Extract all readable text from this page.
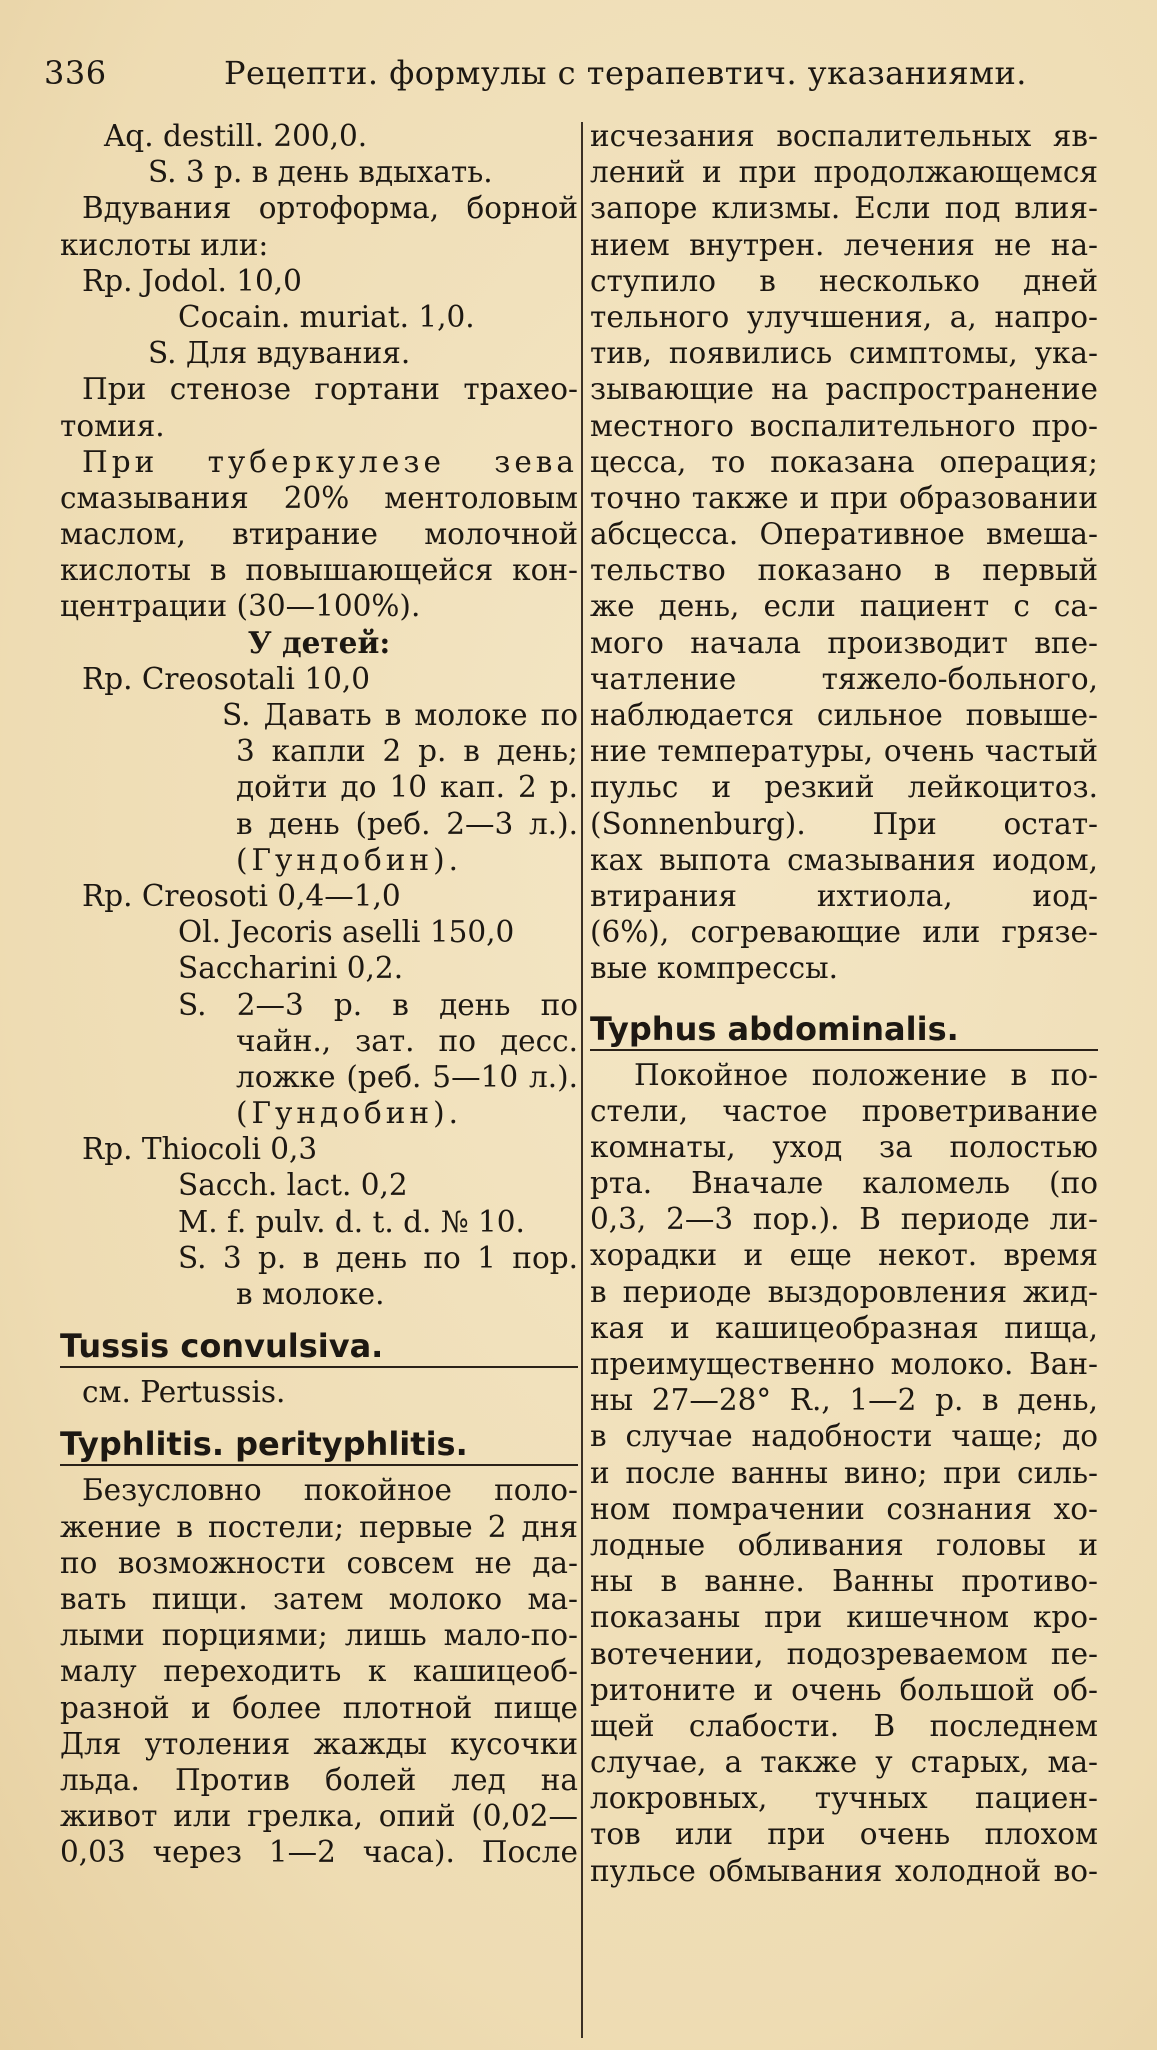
336	Рецепти. формулы с терапевтич. указаниями.
Aq. destill. 200,0.
S. 3 р. в день вдыхать.
Вдувания ортоформа, борной
кислоты или:
Rp. Jodol. 10,0
Cocain. muriat. 1,0.
S. Для вдувания.
При стенозе гортани трахео-
томия.
При туберкулезе зева
смазывания 20% ментоловым
маслом, втирание молочной
кислоты в повышающейся кон-
центрации (30—100%).
У детей:
Rp. Creosotali 10,0
S. Давать в молоке по
3 капли 2 р. в день;
дойти до 10 кап. 2 р.
в день (реб. 2—3 л.).
(Гундобин).
Rp. Creosoti 0,4—1,0
Ol. Jecoris aselli 150,0
Saccharini 0,2.
S. 2—3 р. в день по
чайн., зат. по десс.
ложке (реб. 5—10 л.).
(Гундобин).
Rp. Thiocoli 0,3
Sacch. lact. 0,2
M. f. pulv. d. t. d. № 10.
S. 3 р. в день по 1 пор.
в молоке.
Tussis convulsiva.
см. Pertussis.
Typhlitis. perityphlitis.
Безусловно покойное поло-
жение в постели; первые 2 дня
по возможности совсем не да-
вать пищи. затем молоко ма-
лыми порциями; лишь мало-по-
малу переходить к кашицеоб-
разной и более плотной пище
Для утоления жажды кусочки
льда. Против болей лед на
живот или грелка, опий (0,02—
0,03 через 1—2 часа). После
исчезания воспалительных яв-
лений и при продолжающемся
запоре клизмы. Если под влия-
нием внутрен. лечения не на-
ступило в несколько дней
тельного улучшения, а, напро-
тив, появились симптомы, ука-
зывающие на распространение
местного воспалительного про-
цесса, то показана операция;
точно также и при образовании
абсцесса. Оперативное вмеша-
тельство показано в первый
же день, если пациент с са-
мого начала производит впе-
чатление тяжело-больного,
наблюдается сильное повыше-
ние температуры, очень частый
пульс и резкий лейкоцитоз.
(Sonnenburg). При остат-
ках выпота смазывания иодом,
втирания ихтиола, иод-
(6%), согревающие или грязе-
вые компрессы.
Typhus abdominalis.
Покойное положение в по-
стели, частое проветривание
комнаты, уход за полостью
рта. Вначале каломель (по
0,3, 2—3 пор.). В периоде ли-
хорадки и еще некот. время
в периоде выздоровления жид-
кая и кашицеобразная пища,
преимущественно молоко. Ван-
ны 27—28° R., 1—2 р. в день,
в случае надобности чаще; до
и после ванны вино; при силь-
ном помрачении сознания хо-
лодные обливания головы и
ны в ванне. Ванны противо-
показаны при кишечном кро-
вотечении, подозреваемом пе-
ритоните и очень большой об-
щей слабости. В последнем
случае, а также у старых, ма-
локровных, тучных пациен-
тов или при очень плохом
пульсе обмывания холодной во-
